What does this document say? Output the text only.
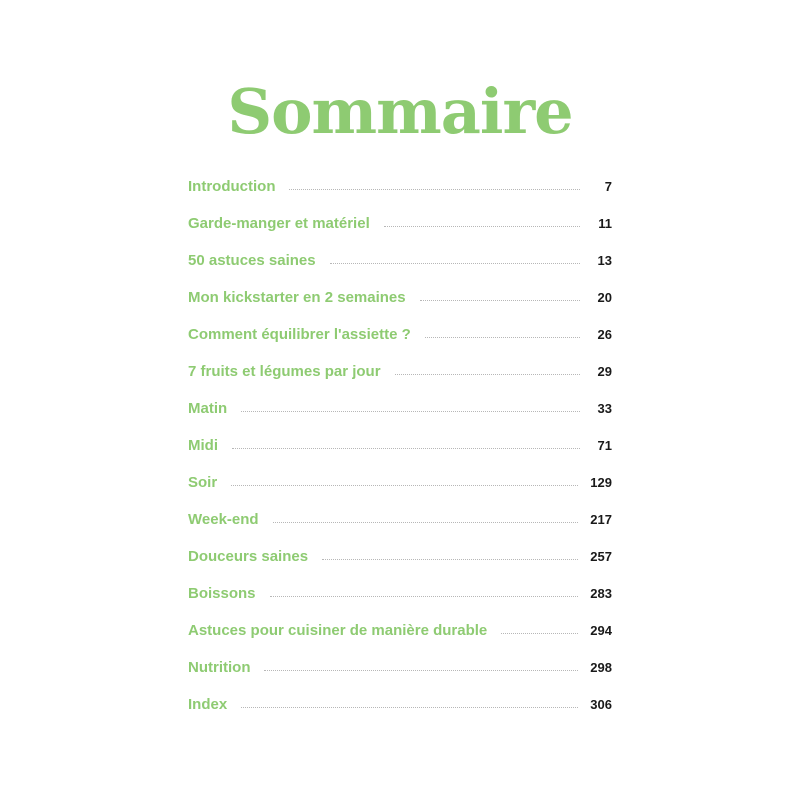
Sommaire
Introduction	7
Garde-manger et matériel	11
50 astuces saines	13
Mon kickstarter en 2 semaines	20
Comment équilibrer l'assiette ?	26
7 fruits et légumes par jour	29
Matin	33
Midi	71
Soir	129
Week-end	217
Douceurs saines	257
Boissons	283
Astuces pour cuisiner de manière durable	294
Nutrition	298
Index	306
